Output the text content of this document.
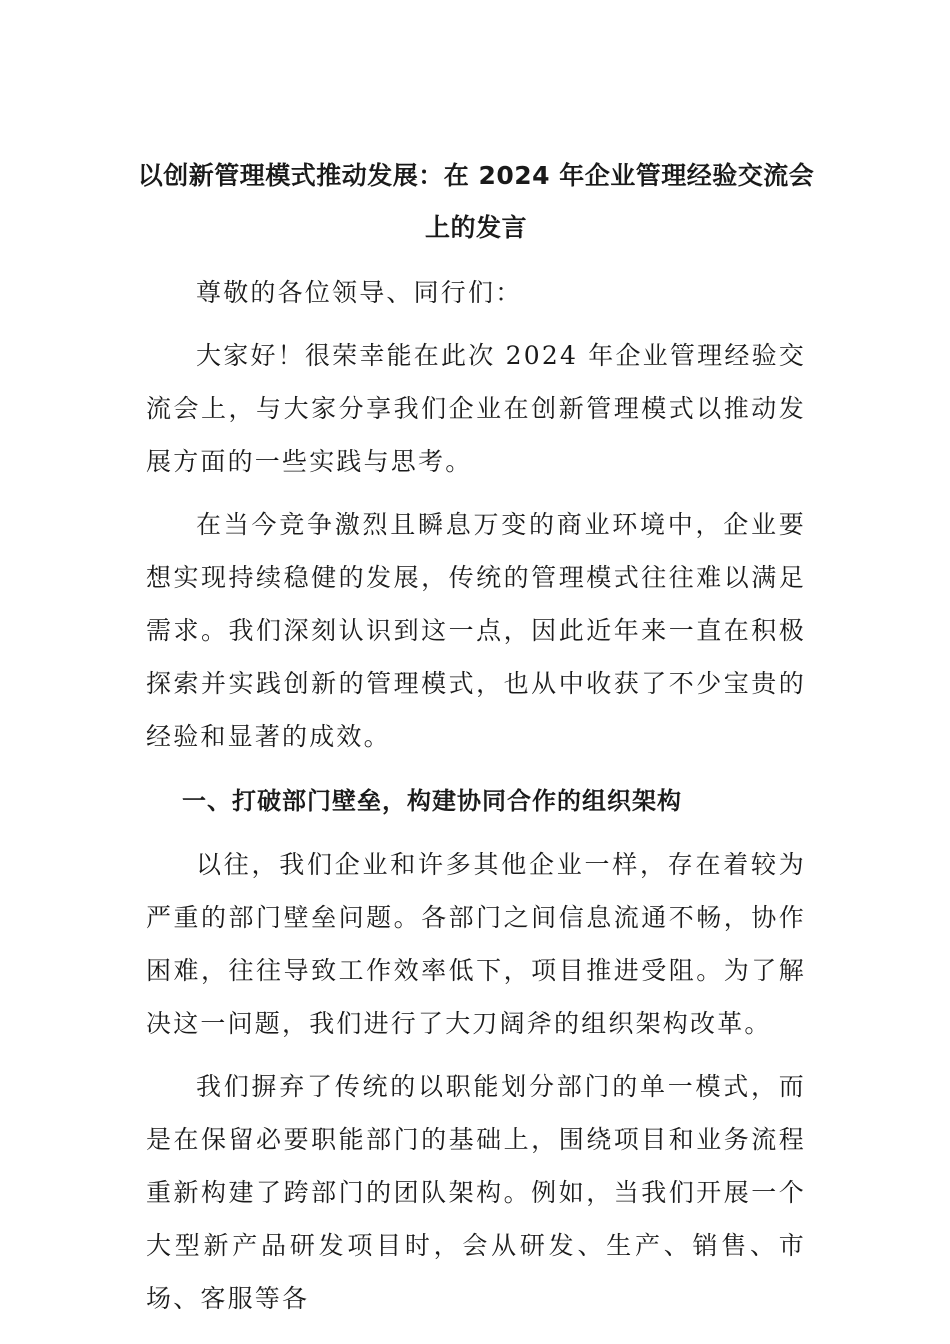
以创新管理模式推动发展：在 2024 年企业管理经验交流会上的发言

尊敬的各位领导、同行们：

大家好！很荣幸能在此次 2024 年企业管理经验交流会上，与大家分享我们企业在创新管理模式以推动发展方面的一些实践与思考。

在当今竞争激烈且瞬息万变的商业环境中，企业要想实现持续稳健的发展，传统的管理模式往往难以满足需求。我们深刻认识到这一点，因此近年来一直在积极探索并实践创新的管理模式，也从中收获了不少宝贵的经验和显著的成效。

一、打破部门壁垒，构建协同合作的组织架构

以往，我们企业和许多其他企业一样，存在着较为严重的部门壁垒问题。各部门之间信息流通不畅，协作困难，往往导致工作效率低下，项目推进受阻。为了解决这一问题，我们进行了大刀阔斧的组织架构改革。

我们摒弃了传统的以职能划分部门的单一模式，而是在保留必要职能部门的基础上，围绕项目和业务流程重新构建了跨部门的团队架构。例如，当我们开展一个大型新产品研发项目时，会从研发、生产、销售、市场、客服等各
